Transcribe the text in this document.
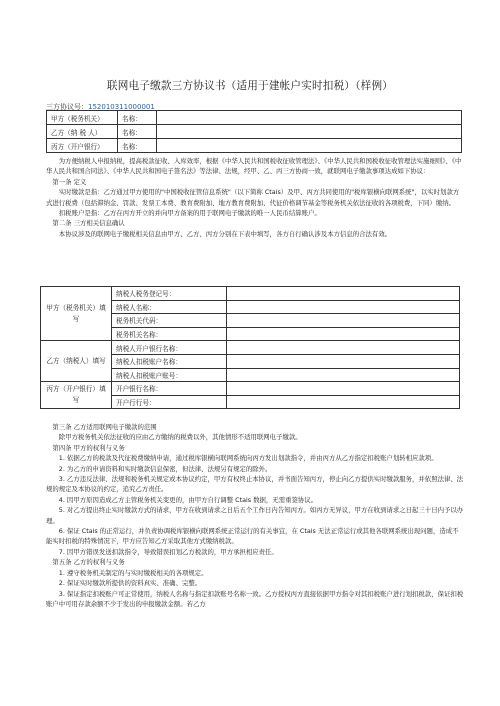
联网电子缴款三方协议书（适用于建帐户实时扣税）（样例）
三方协议号：152010311000001
甲方（税务机关）	名称：	
乙方（纳 税 人）	名称：	
丙方（开户银行）	名称：	

为方便纳税人申报纳税，提高税款征收、入库效率，根据《中华人民共和国税收征收管理法》、《中华人民共和国税收征收管理法实施细则》、《中华人民共和国合同法》、《中华人民共和国电子签名法》等法律、法规，经甲、乙、丙三方协商一致，就联网电子缴款事项达成如下协议：

第一条 定义

实时缴款是指：乙方通过甲方使用的"中国税收征管信息系统"（以下简称 Ctais）及甲、丙方共同使用的"税库银横向联网系统"，以实时划款方式进行税费（包括滞纳金、罚款、发票工本费、教育费附加、地方教育费附加、代征价格调节基金等税务机关依法征收的各项税费，下同）缴纳。

扣税账户是指：乙方在丙方开立的并向甲方备案的用于联网电子缴款的唯一人民币结算账户。

第二条 三方相关信息确认

本协议涉及的联网电子缴税相关信息由甲方、乙方、丙方分别在下表中填写，各方自行确认涉及本方信息的合法有效。

甲方（税务机关）填写	纳税人税务登记号：	
	纳税人名称：	
	税务机关代码：	
	税务机关名称：	
乙方（纳税人）填写	纳税人开户银行名称：	
	纳税人扣税账户名称：	
	纳税人扣税账户账号：	
丙方（开户银行）填写	开户银行名称：	
	开户行行号：	

第三条 乙方适用联网电子缴款的范围

除甲方税务机关依法征收的应由乙方缴纳的税费以外，其他情形不适用联网电子缴款。

第四条 甲方的权利与义务

1. 依据乙方的税款及代征税费缴纳申请，通过税库银横向联网系统向丙方发出划款指令，并由丙方从乙方指定扣税账户划转相应款项。

2. 为乙方的申请资料和实时缴款信息保密，但法律、法规另有规定的除外。

3. 乙方违反法律、法规和税务机关规定或本协议约定，甲方有权终止本协议，并书面告知丙方，停止向乙方提供实时缴款服务，并依照法律、法规的规定及本协议的约定，追究乙方责任。

4. 因甲方原因造成乙方主管税务机关变更的，由甲方自行调整 Ctais 数据，无需重签协议。

5. 对乙方提出终止实时缴款方式的请求，甲方在收到请求之日后五个工作日内告知丙方。如丙方无异议，甲方在收到请求之日起三十日内予以办理。

6. 保证 Ctais 的正常运行，并负责协调税库银横向联网系统正常运行的有关事宜，在 Ctais 无法正常运行或其他各联网系统出现问题，造成不能实时扣税的特殊情况下，甲方应告知乙方采取其他方式缴纳税款。

7. 因甲方错误发送扣款指令，导致错误扣划乙方税款的，甲方承担相应责任。

第五条 乙方的权利与义务

1. 遵守税务机关制定的与实时缴税相关的各项规定。

2. 保证实时缴款所提供的资料真实、准确、完整。

3. 保证指定扣税账户可正常使用，纳税人名称与指定扣款账号名称一致。乙方授权丙方直接依据甲方指令对其扣税账户进行划扣税款，保证扣税账户中可用存款余额不少于发出的申报缴款金额。若乙方
